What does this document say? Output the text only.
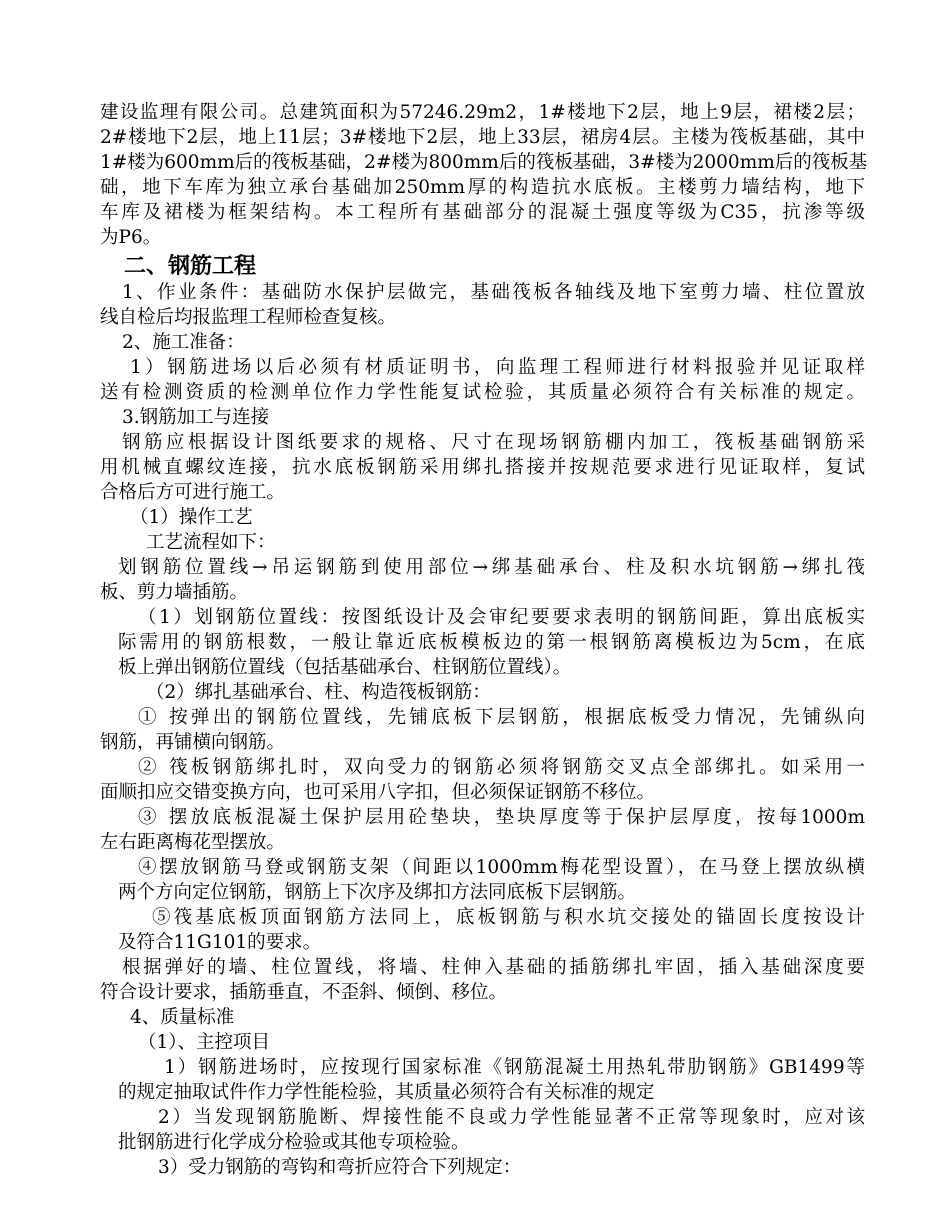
建设监理有限公司。总建筑面积为57246.29m2，1#楼地下2层，地上9层，裙楼2层；
2#楼地下2层，地上11层；3#楼地下2层，地上33层，裙房4层。主楼为筏板基础，其中
1#楼为600mm后的筏板基础，2#楼为800mm后的筏板基础，3#楼为2000mm后的筏板基
础，地下车库为独立承台基础加250mm厚的构造抗水底板。主楼剪力墙结构，地下
车库及裙楼为框架结构。本工程所有基础部分的混凝土强度等级为C35，抗渗等级
为P6。
二、钢筋工程
1、作业条件：基础防水保护层做完，基础筏板各轴线及地下室剪力墙、柱位置放
线自检后均报监理工程师检查复核。
2、施工准备：
1）钢筋进场以后必须有材质证明书，向监理工程师进行材料报验并见证取样
送有检测资质的检测单位作力学性能复试检验，其质量必须符合有关标准的规定。
3.钢筋加工与连接
钢筋应根据设计图纸要求的规格、尺寸在现场钢筋棚内加工，筏板基础钢筋采
用机械直螺纹连接，抗水底板钢筋采用绑扎搭接并按规范要求进行见证取样，复试
合格后方可进行施工。
（1）操作工艺
工艺流程如下：
划钢筋位置线→吊运钢筋到使用部位→绑基础承台、柱及积水坑钢筋→绑扎筏
板、剪力墙插筋。
（1）划钢筋位置线：按图纸设计及会审纪要要求表明的钢筋间距，算出底板实
际需用的钢筋根数，一般让靠近底板模板边的第一根钢筋离模板边为5cm，在底
板上弹出钢筋位置线（包括基础承台、柱钢筋位置线）。
（2）绑扎基础承台、柱、构造筏板钢筋：
① 按弹出的钢筋位置线，先铺底板下层钢筋，根据底板受力情况，先铺纵向
钢筋，再铺横向钢筋。
② 筏板钢筋绑扎时，双向受力的钢筋必须将钢筋交叉点全部绑扎。如采用一
面顺扣应交错变换方向，也可采用八字扣，但必须保证钢筋不移位。
③ 摆放底板混凝土保护层用砼垫块，垫块厚度等于保护层厚度，按每1000m
左右距离梅花型摆放。
④摆放钢筋马登或钢筋支架（间距以1000mm梅花型设置），在马登上摆放纵横
两个方向定位钢筋，钢筋上下次序及绑扣方法同底板下层钢筋。
⑤筏基底板顶面钢筋方法同上，底板钢筋与积水坑交接处的锚固长度按设计
及符合11G101的要求。
根据弹好的墙、柱位置线，将墙、柱伸入基础的插筋绑扎牢固，插入基础深度要
符合设计要求，插筋垂直，不歪斜、倾倒、移位。
4、质量标准
（1）、主控项目
1）钢筋进场时，应按现行国家标准《钢筋混凝土用热轧带肋钢筋》GB1499等
的规定抽取试件作力学性能检验，其质量必须符合有关标准的规定
2）当发现钢筋脆断、焊接性能不良或力学性能显著不正常等现象时，应对该
批钢筋进行化学成分检验或其他专项检验。
3）受力钢筋的弯钩和弯折应符合下列规定：
